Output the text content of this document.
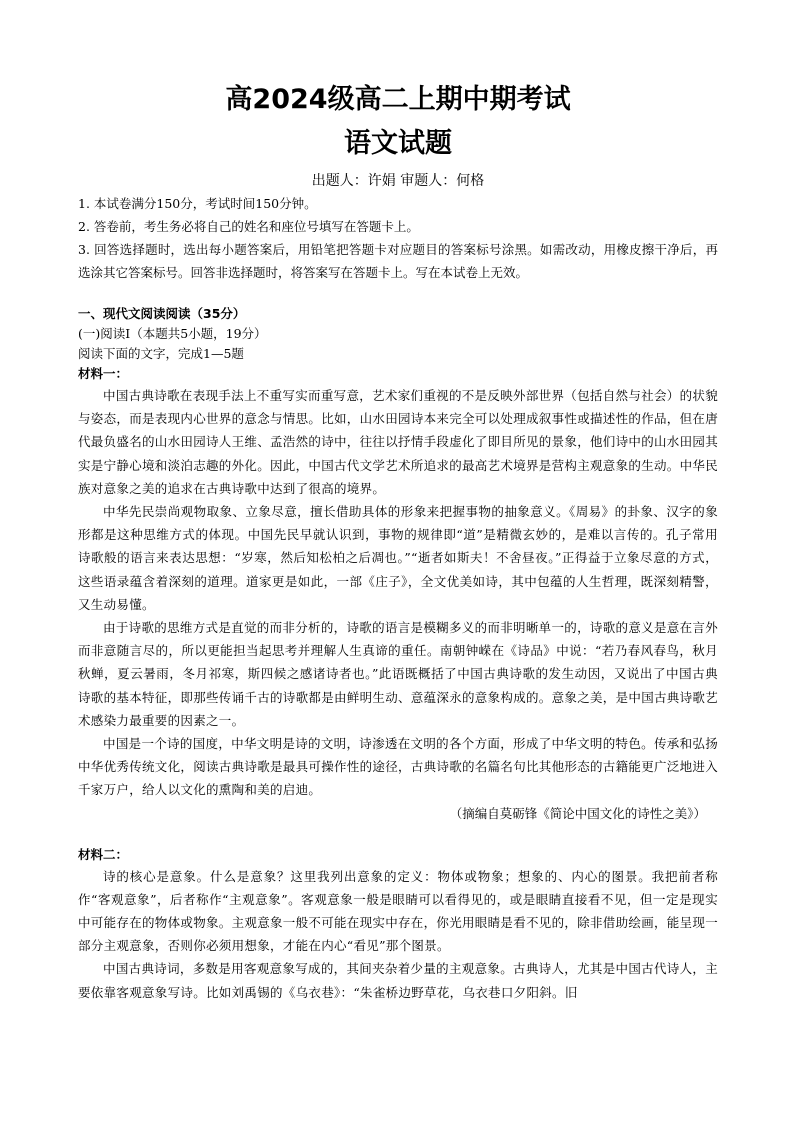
高2024级高二上期中期考试
语文试题

出题人：许娟 审题人：何格

1. 本试卷满分150分，考试时间150分钟。

2. 答卷前，考生务必将自己的姓名和座位号填写在答题卡上。

3. 回答选择题时，选出每小题答案后，用铅笔把答题卡对应题目的答案标号涂黑。如需改动，用橡皮擦干净后，再选涂其它答案标号。回答非选择题时，将答案写在答题卡上。写在本试卷上无效。

一、现代文阅读阅读（35分）

(一)阅读I（本题共5小题，19分）

阅读下面的文字，完成1—5题

材料一：

中国古典诗歌在表现手法上不重写实而重写意，艺术家们重视的不是反映外部世界（包括自然与社会）的状貌与姿态，而是表现内心世界的意念与情思。比如，山水田园诗本来完全可以处理成叙事性或描述性的作品，但在唐代最负盛名的山水田园诗人王维、孟浩然的诗中，往往以抒情手段虚化了即目所见的景象，他们诗中的山水田园其实是宁静心境和淡泊志趣的外化。因此，中国古代文学艺术所追求的最高艺术境界是营构主观意象的生动。中华民族对意象之美的追求在古典诗歌中达到了很高的境界。

中华先民崇尚观物取象、立象尽意，擅长借助具体的形象来把握事物的抽象意义。《周易》的卦象、汉字的象形都是这种思维方式的体现。中国先民早就认识到，事物的规律即“道”是精微玄妙的，是难以言传的。孔子常用诗歌般的语言来表达思想：“岁寒，然后知松柏之后凋也。”“逝者如斯夫！不舍昼夜。”正得益于立象尽意的方式，这些语录蕴含着深刻的道理。道家更是如此，一部《庄子》，全文优美如诗，其中包蕴的人生哲理，既深刻精警，又生动易懂。

由于诗歌的思维方式是直觉的而非分析的，诗歌的语言是模糊多义的而非明晰单一的，诗歌的意义是意在言外而非意随言尽的，所以更能担当起思考并理解人生真谛的重任。南朝钟嵘在《诗品》中说：“若乃春风春鸟，秋月秋蝉，夏云暑雨，冬月祁寒，斯四候之感诸诗者也。”此语既概括了中国古典诗歌的发生动因，又说出了中国古典诗歌的基本特征，即那些传诵千古的诗歌都是由鲜明生动、意蕴深永的意象构成的。意象之美，是中国古典诗歌艺术感染力最重要的因素之一。

中国是一个诗的国度，中华文明是诗的文明，诗渗透在文明的各个方面，形成了中华文明的特色。传承和弘扬中华优秀传统文化，阅读古典诗歌是最具可操作性的途径，古典诗歌的名篇名句比其他形态的古籍能更广泛地进入千家万户，给人以文化的熏陶和美的启迪。

（摘编自莫砺锋《简论中国文化的诗性之美》）

材料二：

诗的核心是意象。什么是意象？这里我列出意象的定义：物体或物象；想象的、内心的图景。我把前者称作“客观意象”，后者称作“主观意象”。客观意象一般是眼睛可以看得见的，或是眼睛直接看不见，但一定是现实中可能存在的物体或物象。主观意象一般不可能在现实中存在，你光用眼睛是看不见的，除非借助绘画，能呈现一部分主观意象，否则你必须用想象，才能在内心“看见”那个图景。

中国古典诗词，多数是用客观意象写成的，其间夹杂着少量的主观意象。古典诗人，尤其是中国古代诗人，主要依靠客观意象写诗。比如刘禹锡的《乌衣巷》：“朱雀桥边野草花，乌衣巷口夕阳斜。旧
